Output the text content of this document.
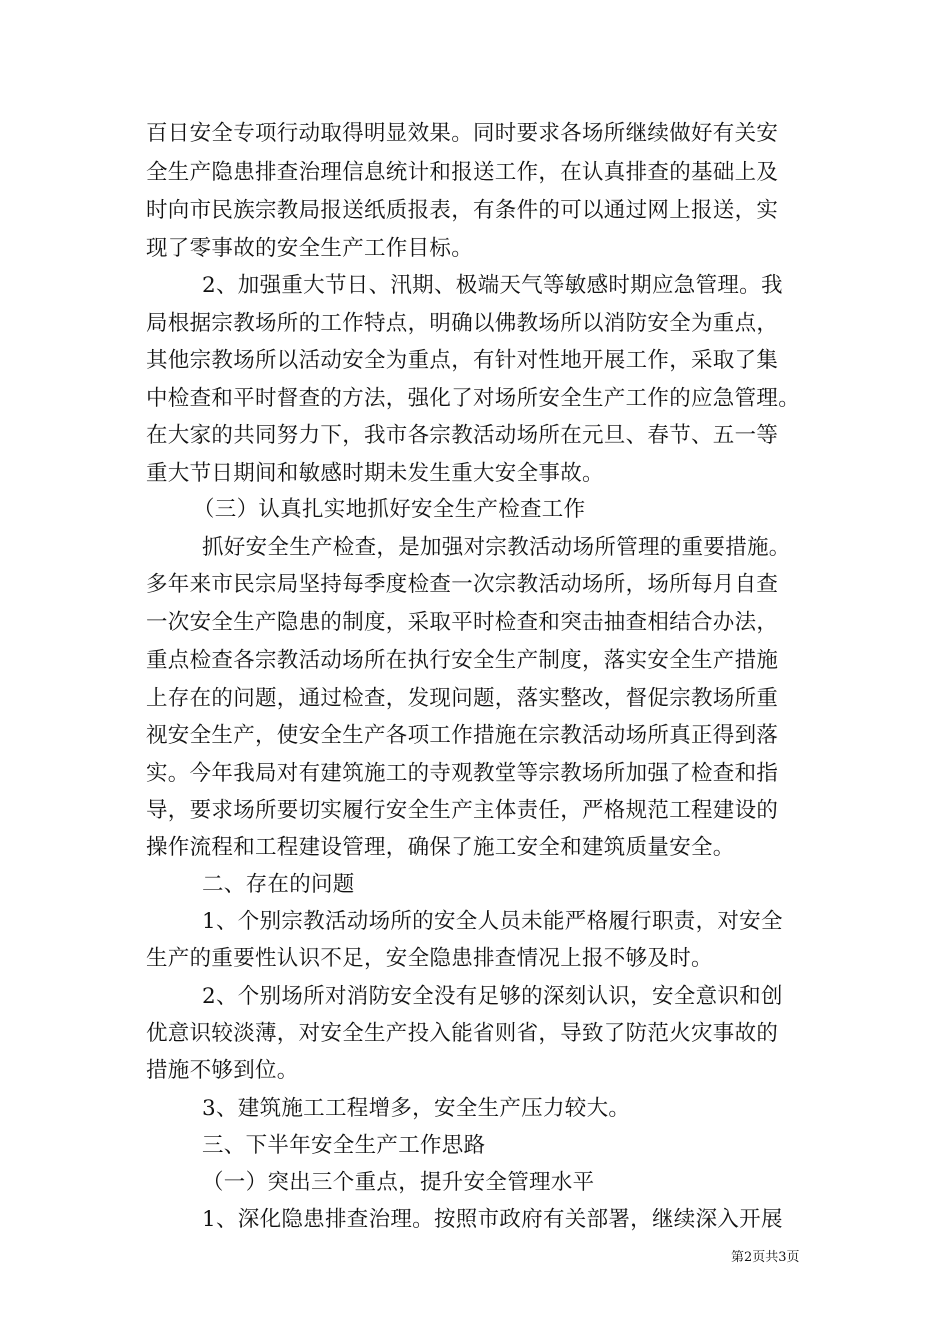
百日安全专项行动取得明显效果。同时要求各场所继续做好有关安
全生产隐患排查治理信息统计和报送工作，在认真排查的基础上及
时向市民族宗教局报送纸质报表，有条件的可以通过网上报送，实
现了零事故的安全生产工作目标。
2、加强重大节日、汛期、极端天气等敏感时期应急管理。我
局根据宗教场所的工作特点，明确以佛教场所以消防安全为重点，
其他宗教场所以活动安全为重点，有针对性地开展工作，采取了集
中检查和平时督查的方法，强化了对场所安全生产工作的应急管理。
在大家的共同努力下，我市各宗教活动场所在元旦、春节、五一等
重大节日期间和敏感时期未发生重大安全事故。
（三）认真扎实地抓好安全生产检查工作
抓好安全生产检查，是加强对宗教活动场所管理的重要措施。
多年来市民宗局坚持每季度检查一次宗教活动场所，场所每月自查
一次安全生产隐患的制度，采取平时检查和突击抽查相结合办法，
重点检查各宗教活动场所在执行安全生产制度，落实安全生产措施
上存在的问题，通过检查，发现问题，落实整改，督促宗教场所重
视安全生产，使安全生产各项工作措施在宗教活动场所真正得到落
实。今年我局对有建筑施工的寺观教堂等宗教场所加强了检查和指
导，要求场所要切实履行安全生产主体责任，严格规范工程建设的
操作流程和工程建设管理，确保了施工安全和建筑质量安全。
二、存在的问题
1、个别宗教活动场所的安全人员未能严格履行职责，对安全
生产的重要性认识不足，安全隐患排查情况上报不够及时。
2、个别场所对消防安全没有足够的深刻认识，安全意识和创
优意识较淡薄，对安全生产投入能省则省，导致了防范火灾事故的
措施不够到位。
3、建筑施工工程增多，安全生产压力较大。
三、下半年安全生产工作思路
（一）突出三个重点，提升安全管理水平
1、深化隐患排查治理。按照市政府有关部署，继续深入开展
第2页共3页
